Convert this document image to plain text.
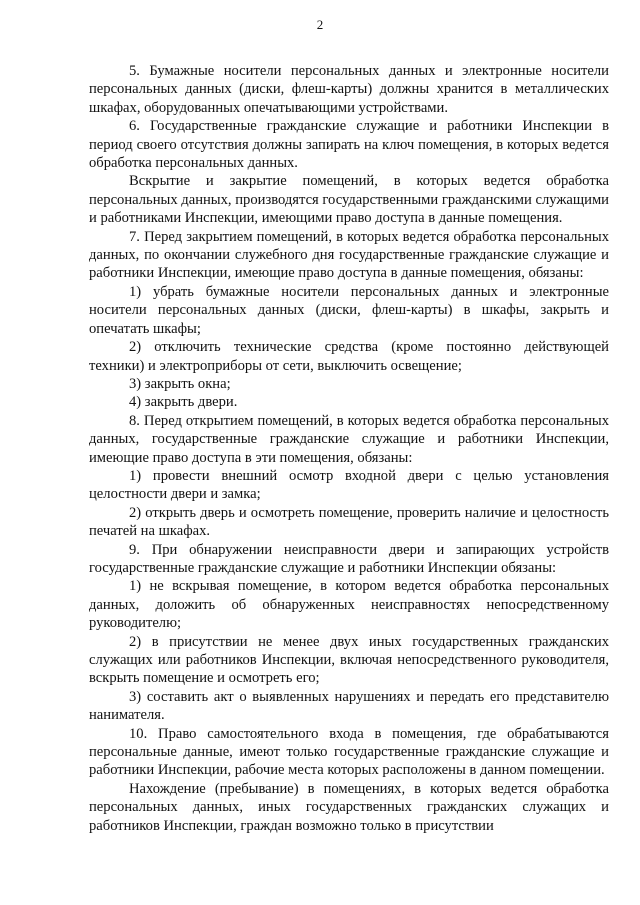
2

5. Бумажные носители персональных данных и электронные носители персональных данных (диски, флеш-карты) должны хранится в металлических шкафах, оборудованных опечатывающими устройствами.

6. Государственные гражданские служащие и работники Инспекции в период своего отсутствия должны запирать на ключ помещения, в которых ведется обработка персональных данных.

Вскрытие и закрытие помещений, в которых ведется обработка персональных данных, производятся государственными гражданскими служащими и работниками Инспекции, имеющими право доступа в данные помещения.

7. Перед закрытием помещений, в которых ведется обработка персональных данных, по окончании служебного дня государственные гражданские служащие и работники Инспекции, имеющие право доступа в данные помещения, обязаны:

1) убрать бумажные носители персональных данных и электронные носители персональных данных (диски, флеш-карты) в шкафы, закрыть и опечатать шкафы;

2) отключить технические средства (кроме постоянно действующей техники) и электроприборы от сети, выключить освещение;

3) закрыть окна;

4) закрыть двери.

8. Перед открытием помещений, в которых ведется обработка персональных данных, государственные гражданские служащие и работники Инспекции, имеющие право доступа в эти помещения, обязаны:

1) провести внешний осмотр входной двери с целью установления целостности двери и замка;

2) открыть дверь и осмотреть помещение, проверить наличие и целостность печатей на шкафах.

9. При обнаружении неисправности двери и запирающих устройств государственные гражданские служащие и работники Инспекции обязаны:

1) не вскрывая помещение, в котором ведется обработка персональных данных, доложить об обнаруженных неисправностях непосредственному руководителю;

2) в присутствии не менее двух иных государственных гражданских служащих или работников Инспекции, включая непосредственного руководителя, вскрыть помещение и осмотреть его;

3) составить акт о выявленных нарушениях и передать его представителю нанимателя.

10. Право самостоятельного входа в помещения, где обрабатываются персональные данные, имеют только государственные гражданские служащие и работники Инспекции, рабочие места которых расположены в данном помещении.

Нахождение (пребывание) в помещениях, в которых ведется обработка персональных данных, иных государственных гражданских служащих и работников Инспекции, граждан возможно только в присутствии
